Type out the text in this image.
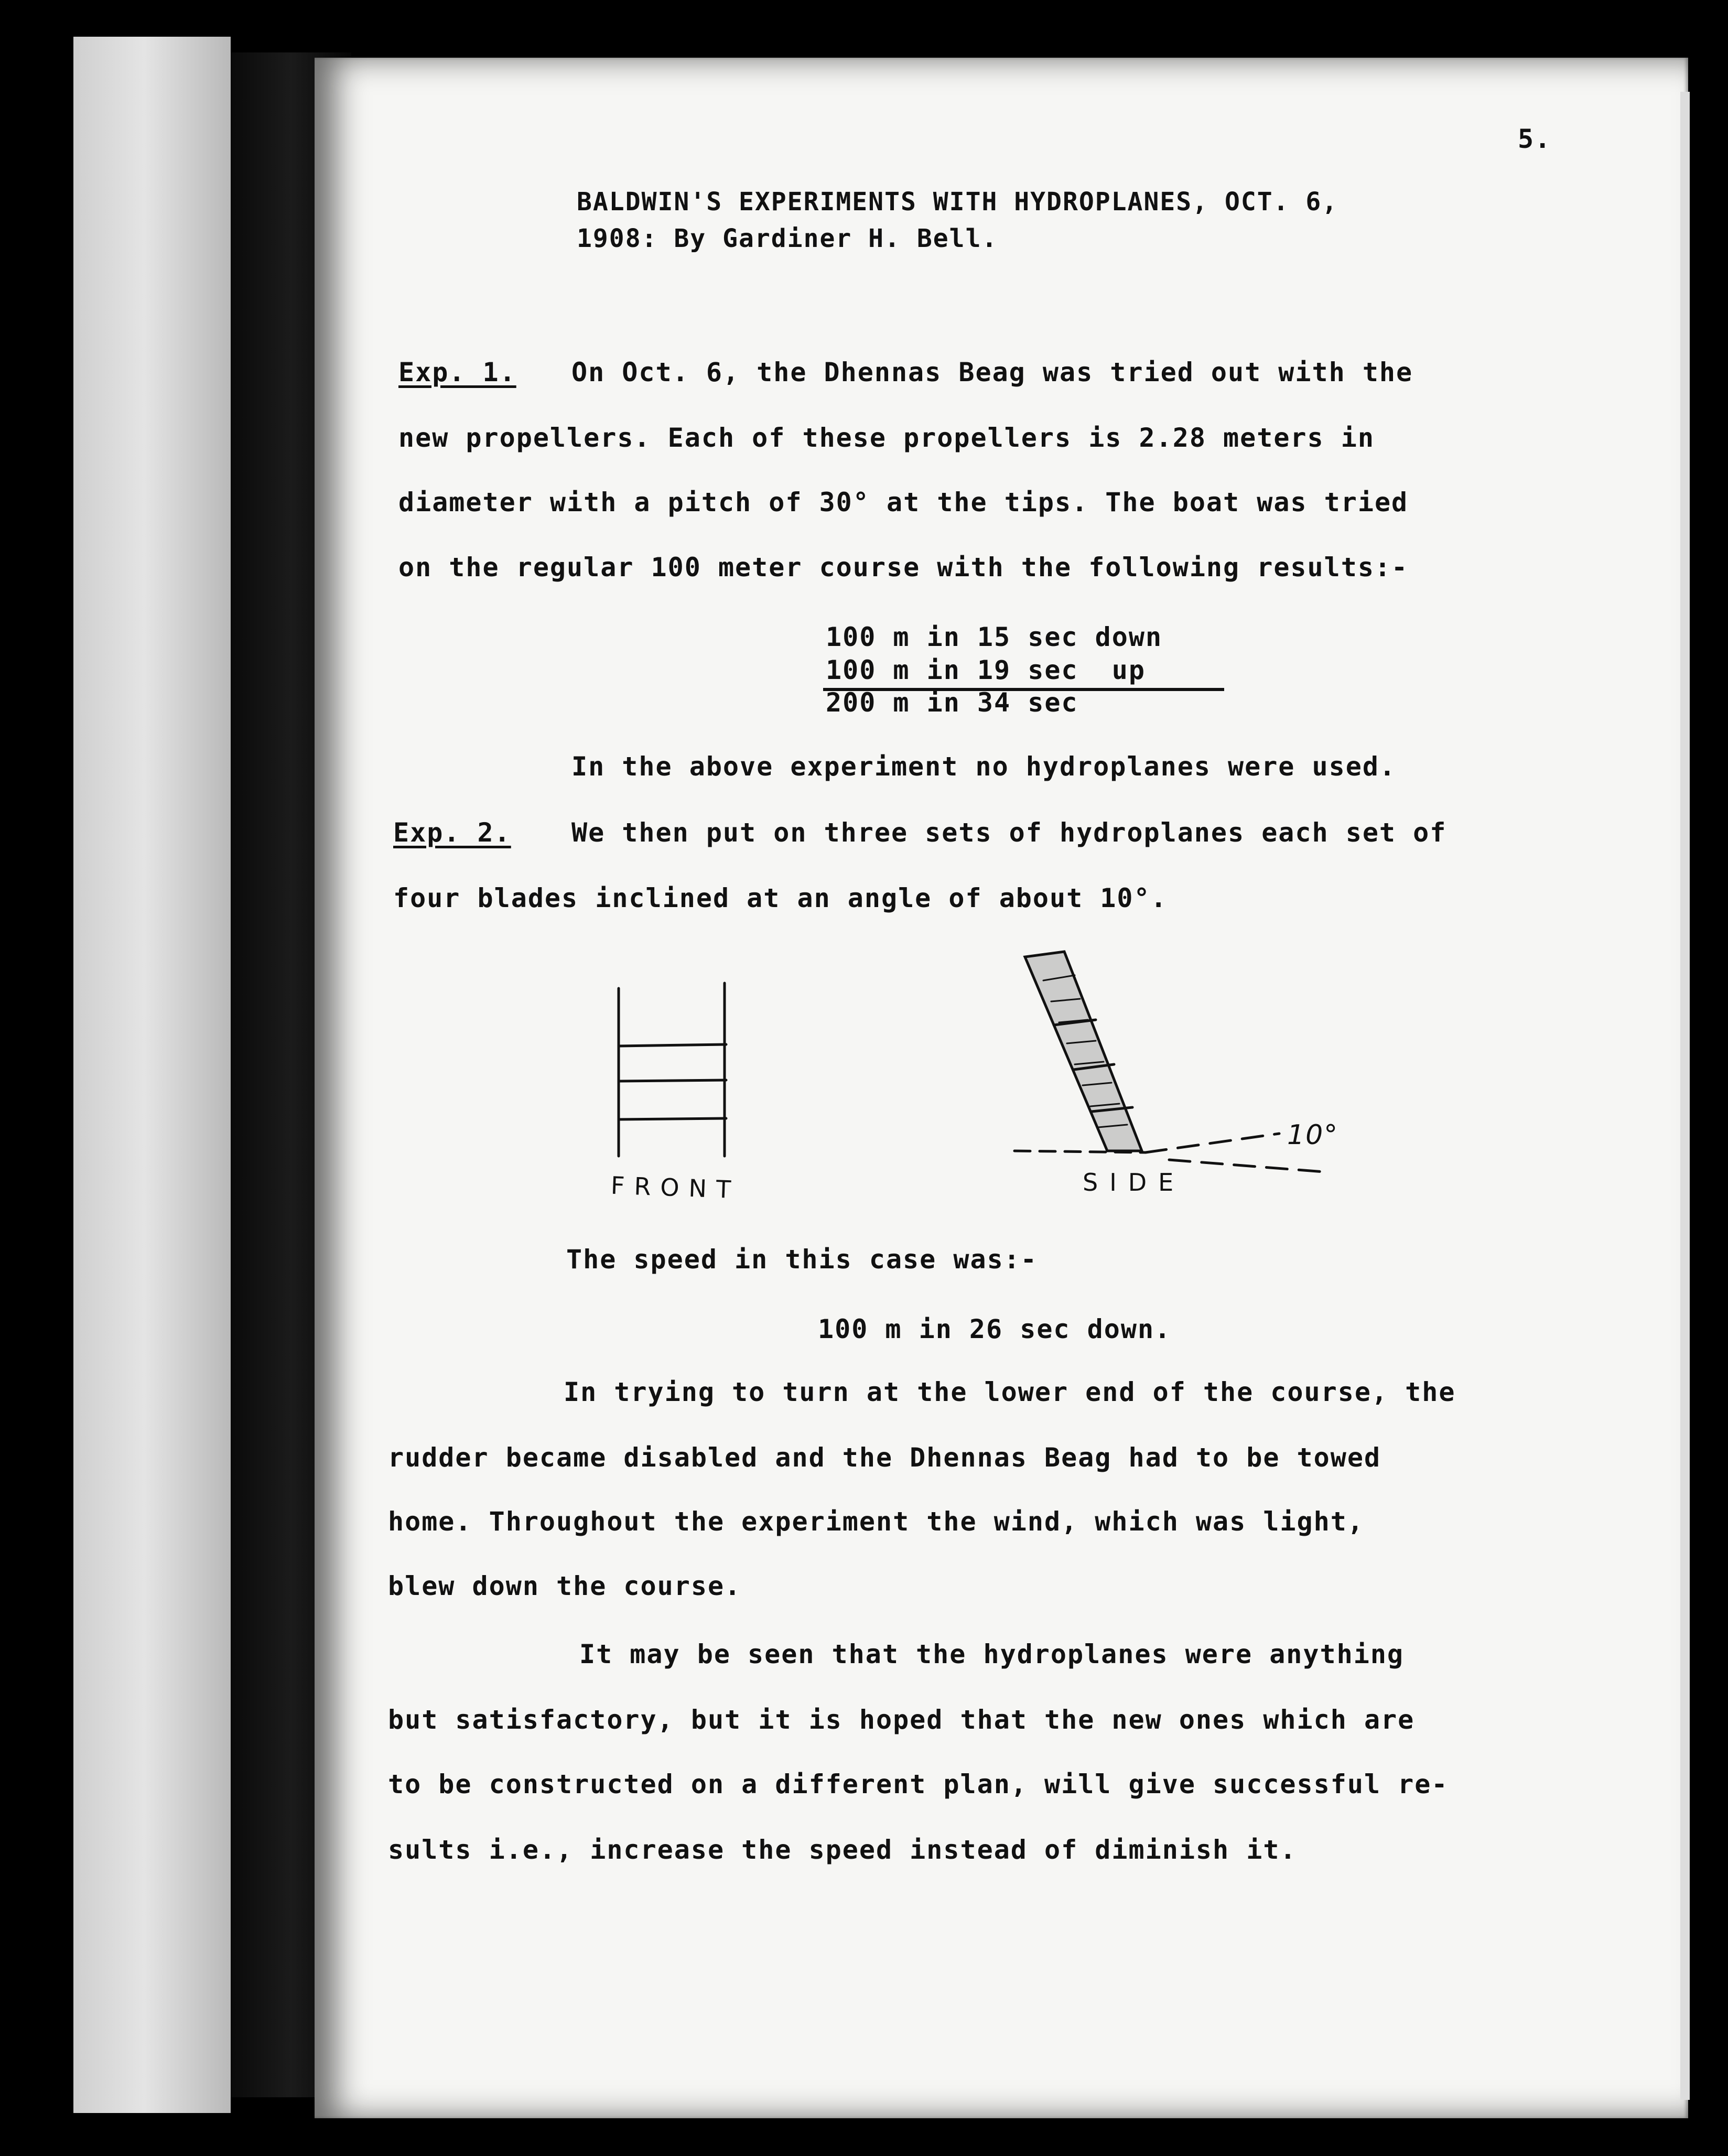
5.
BALDWIN'S EXPERIMENTS WITH HYDROPLANES, OCT. 6,
1908: By Gardiner H. Bell.
Exp. 1. On Oct. 6, the Dhennas Beag was tried out with the
new propellers. Each of these propellers is 2.28 meters in
diameter with a pitch of 30° at the tips. The boat was tried
on the regular 100 meter course with the following results:-
100 m in 15 sec down
100 m in 19 sec  up
200 m in 34 sec
In the above experiment no hydroplanes were used.
Exp. 2. We then put on three sets of hydroplanes each set of
four blades inclined at an angle of about 10°.
FRONT	SIDE
10°
The speed in this case was:-
100 m in 26 sec down.
In trying to turn at the lower end of the course, the
rudder became disabled and the Dhennas Beag had to be towed
home. Throughout the experiment the wind, which was light,
blew down the course.
It may be seen that the hydroplanes were anything
but satisfactory, but it is hoped that the new ones which are
to be constructed on a different plan, will give successful re-
sults i.e., increase the speed instead of diminish it.
